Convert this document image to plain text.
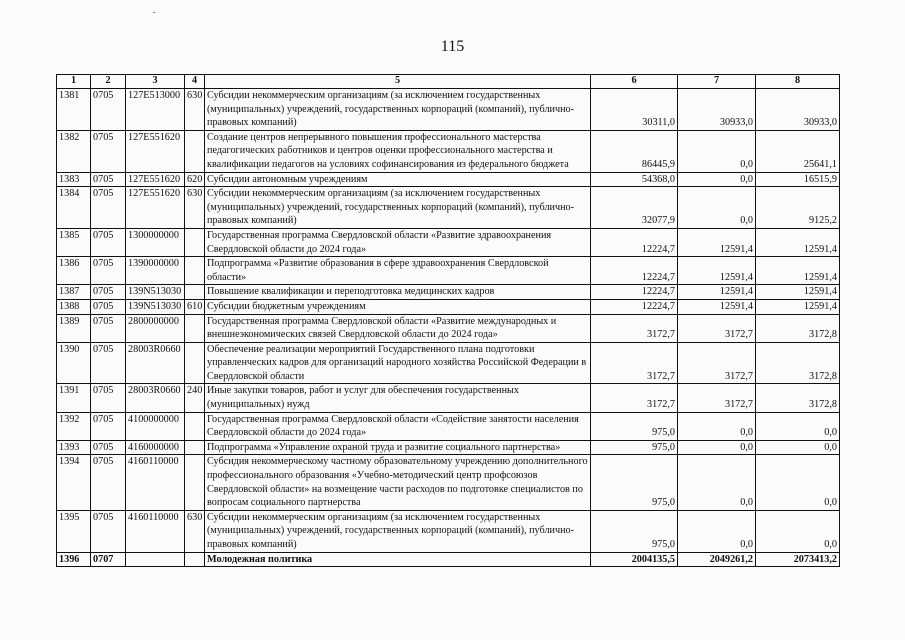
115
1	2	3	4	5	6	7	8
1381	0705	127E513000	630	Субсидии некоммерческим организациям (за исключением государственных (муниципальных) учреждений, государственных корпораций (компаний), публично-правовых компаний)	30311,0	30933,0	30933,0
1382	0705	127E551620		Создание центров непрерывного повышения профессионального мастерства педагогических работников и центров оценки профессионального мастерства и квалификации педагогов на условиях софинансирования из федерального бюджета	86445,9	0,0	25641,1
1383	0705	127E551620	620	Субсидии автономным учреждениям	54368,0	0,0	16515,9
1384	0705	127E551620	630	Субсидии некоммерческим организациям (за исключением государственных (муниципальных) учреждений, государственных корпораций (компаний), публично-правовых компаний)	32077,9	0,0	9125,2
1385	0705	1300000000		Государственная программа Свердловской области «Развитие здравоохранения Свердловской области до 2024 года»	12224,7	12591,4	12591,4
1386	0705	1390000000		Подпрограмма «Развитие образования в сфере здравоохранения Свердловской области»	12224,7	12591,4	12591,4
1387	0705	139N513030		Повышение квалификации и переподготовка медицинских кадров	12224,7	12591,4	12591,4
1388	0705	139N513030	610	Субсидии бюджетным учреждениям	12224,7	12591,4	12591,4
1389	0705	2800000000		Государственная программа Свердловской области «Развитие международных и внешнеэкономических связей Свердловской области до 2024 года»	3172,7	3172,7	3172,8
1390	0705	28003R0660		Обеспечение реализации мероприятий Государственного плана подготовки управленческих кадров для организаций народного хозяйства Российской Федерации в Свердловской области	3172,7	3172,7	3172,8
1391	0705	28003R0660	240	Иные закупки товаров, работ и услуг для обеспечения государственных (муниципальных) нужд	3172,7	3172,7	3172,8
1392	0705	4100000000		Государственная программа Свердловской области «Содействие занятости населения Свердловской области до 2024 года»	975,0	0,0	0,0
1393	0705	4160000000		Подпрограмма «Управление охраной труда и развитие социального партнерства»	975,0	0,0	0,0
1394	0705	4160110000		Субсидия некоммерческому частному образовательному учреждению дополнительного профессионального образования «Учебно-методический центр профсоюзов Свердловской области» на возмещение части расходов по подготовке специалистов по вопросам социального партнерства	975,0	0,0	0,0
1395	0705	4160110000	630	Субсидии некоммерческим организациям (за исключением государственных (муниципальных) учреждений, государственных корпораций (компаний), публично-правовых компаний)	975,0	0,0	0,0
1396	0707			Молодежная политика	2004135,5	2049261,2	2073413,2
